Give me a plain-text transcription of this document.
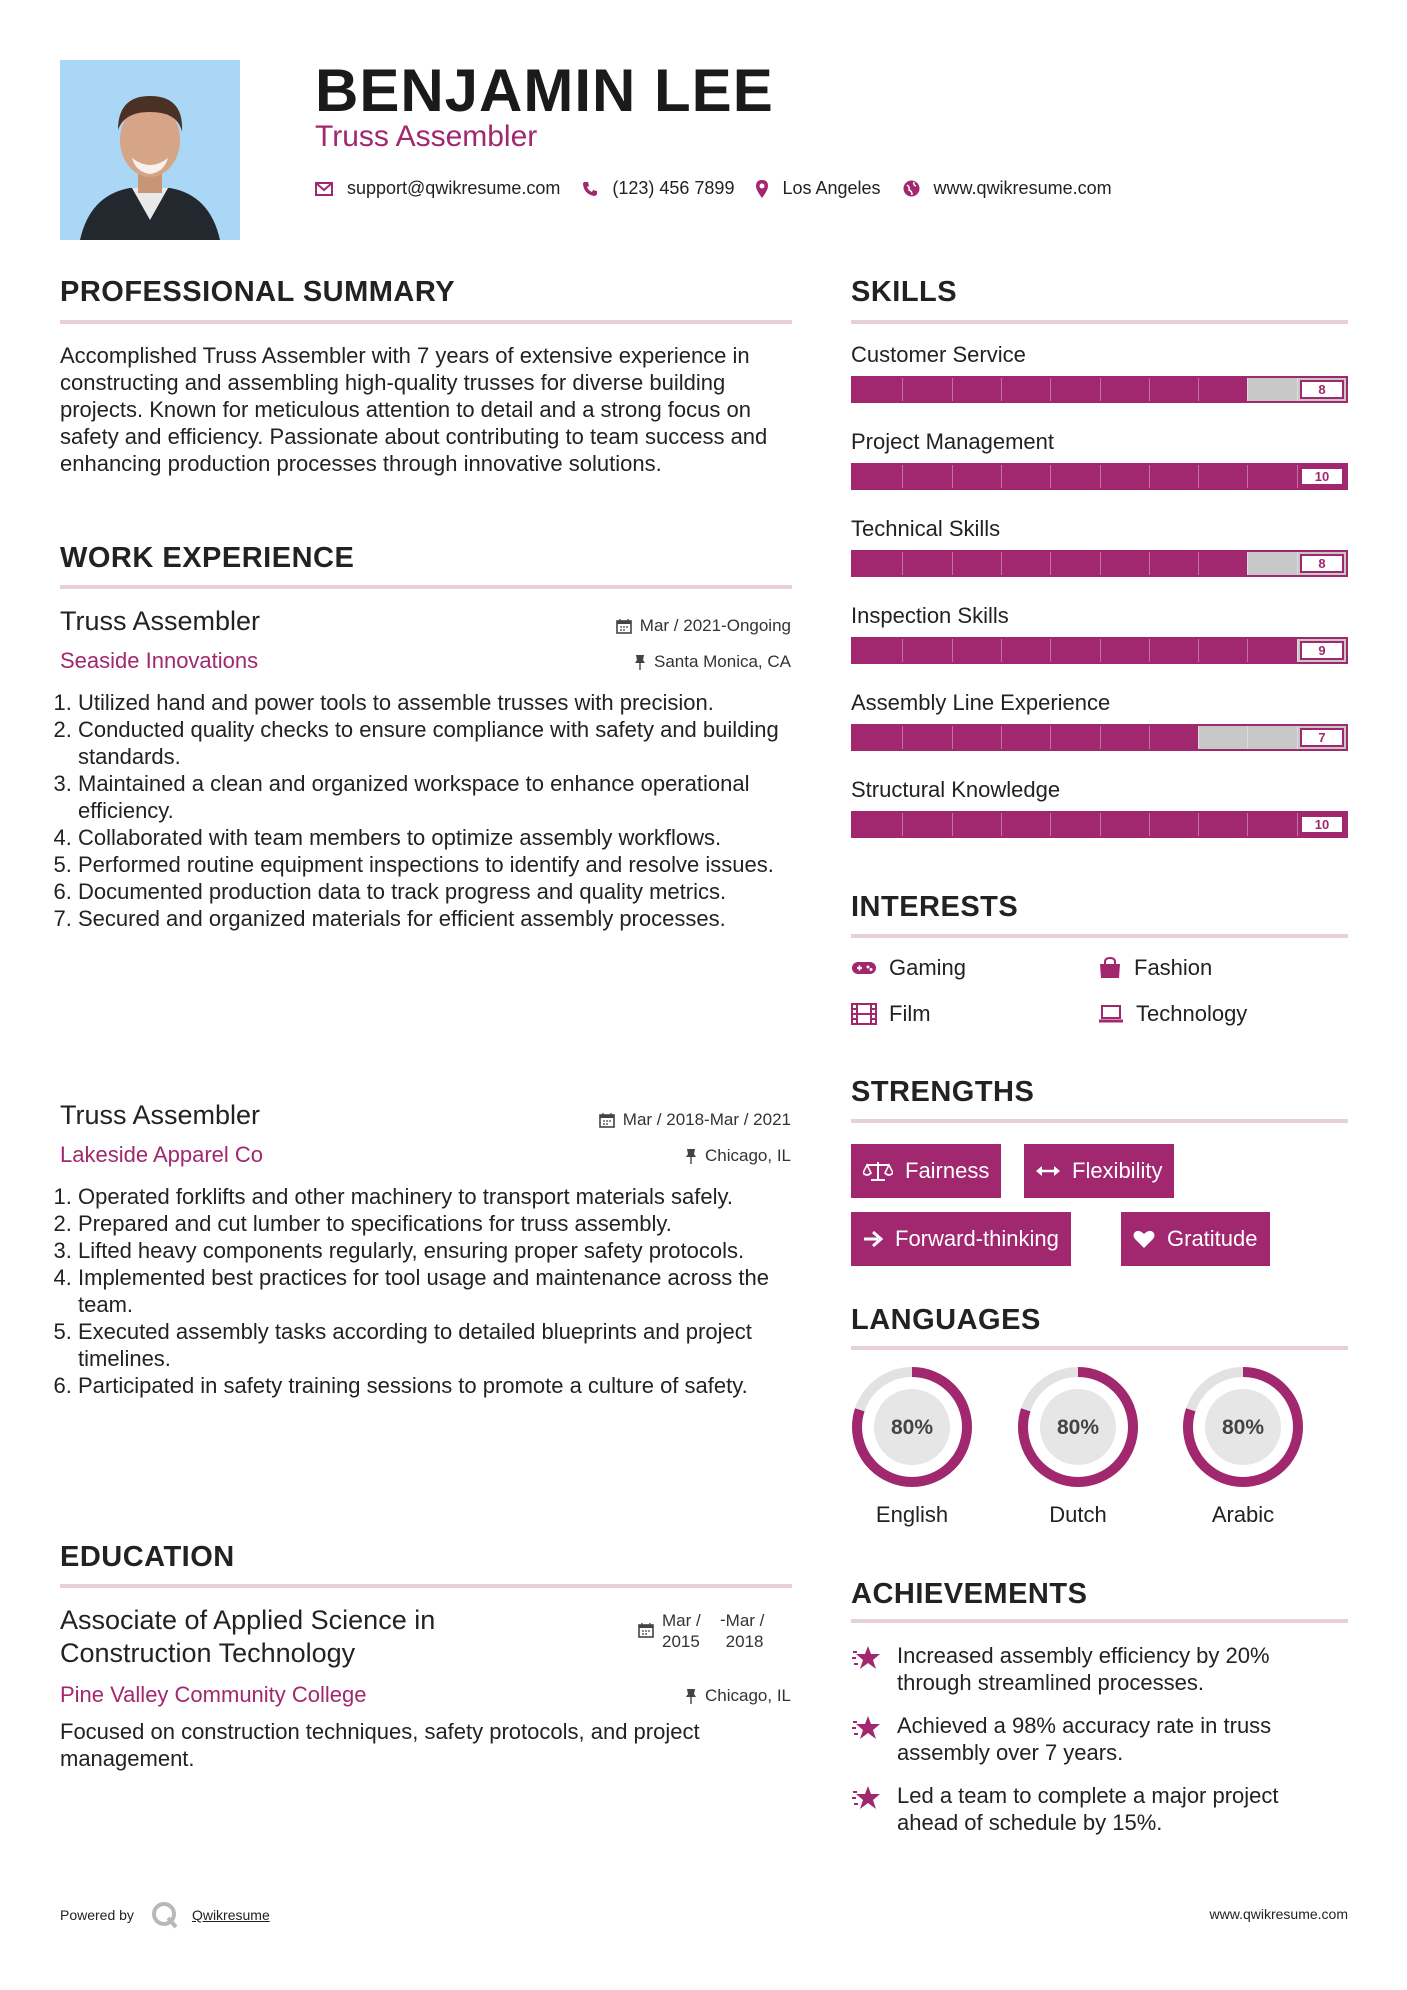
BENJAMIN LEE
Truss Assembler
support@qwikresume.com	(123) 456 7899	Los Angeles	www.qwikresume.com
PROFESSIONAL SUMMARY
Accomplished Truss Assembler with 7 years of extensive experience in constructing and assembling high-quality trusses for diverse building projects. Known for meticulous attention to detail and a strong focus on safety and efficiency. Passionate about contributing to team success and enhancing production processes through innovative solutions.
WORK EXPERIENCE
Truss Assembler	Mar / 2021-Ongoing
Seaside Innovations	Santa Monica, CA
1. Utilized hand and power tools to assemble trusses with precision.
2. Conducted quality checks to ensure compliance with safety and building standards.
3. Maintained a clean and organized workspace to enhance operational efficiency.
4. Collaborated with team members to optimize assembly workflows.
5. Performed routine equipment inspections to identify and resolve issues.
6. Documented production data to track progress and quality metrics.
7. Secured and organized materials for efficient assembly processes.
Truss Assembler	Mar / 2018-Mar / 2021
Lakeside Apparel Co	Chicago, IL
1. Operated forklifts and other machinery to transport materials safely.
2. Prepared and cut lumber to specifications for truss assembly.
3. Lifted heavy components regularly, ensuring proper safety protocols.
4. Implemented best practices for tool usage and maintenance across the team.
5. Executed assembly tasks according to detailed blueprints and project timelines.
6. Participated in safety training sessions to promote a culture of safety.
EDUCATION
Associate of Applied Science in Construction Technology
Mar / 2015
- Mar / 2018
Pine Valley Community College	Chicago, IL
Focused on construction techniques, safety protocols, and project management.
SKILLS
Customer Service
8
Project Management
10
Technical Skills
8
Inspection Skills
9
Assembly Line Experience
7
Structural Knowledge
10
INTERESTS
Gaming	Fashion
Film	Technology
STRENGTHS
Fairness	Flexibility
Forward-thinking	Gratitude
LANGUAGES
80%
English
80%
Dutch
80%
Arabic
ACHIEVEMENTS
Increased assembly efficiency by 20% through streamlined processes.
Achieved a 98% accuracy rate in truss assembly over 7 years.
Led a team to complete a major project ahead of schedule by 15%.
Powered by	Qwikresume	www.qwikresume.com
